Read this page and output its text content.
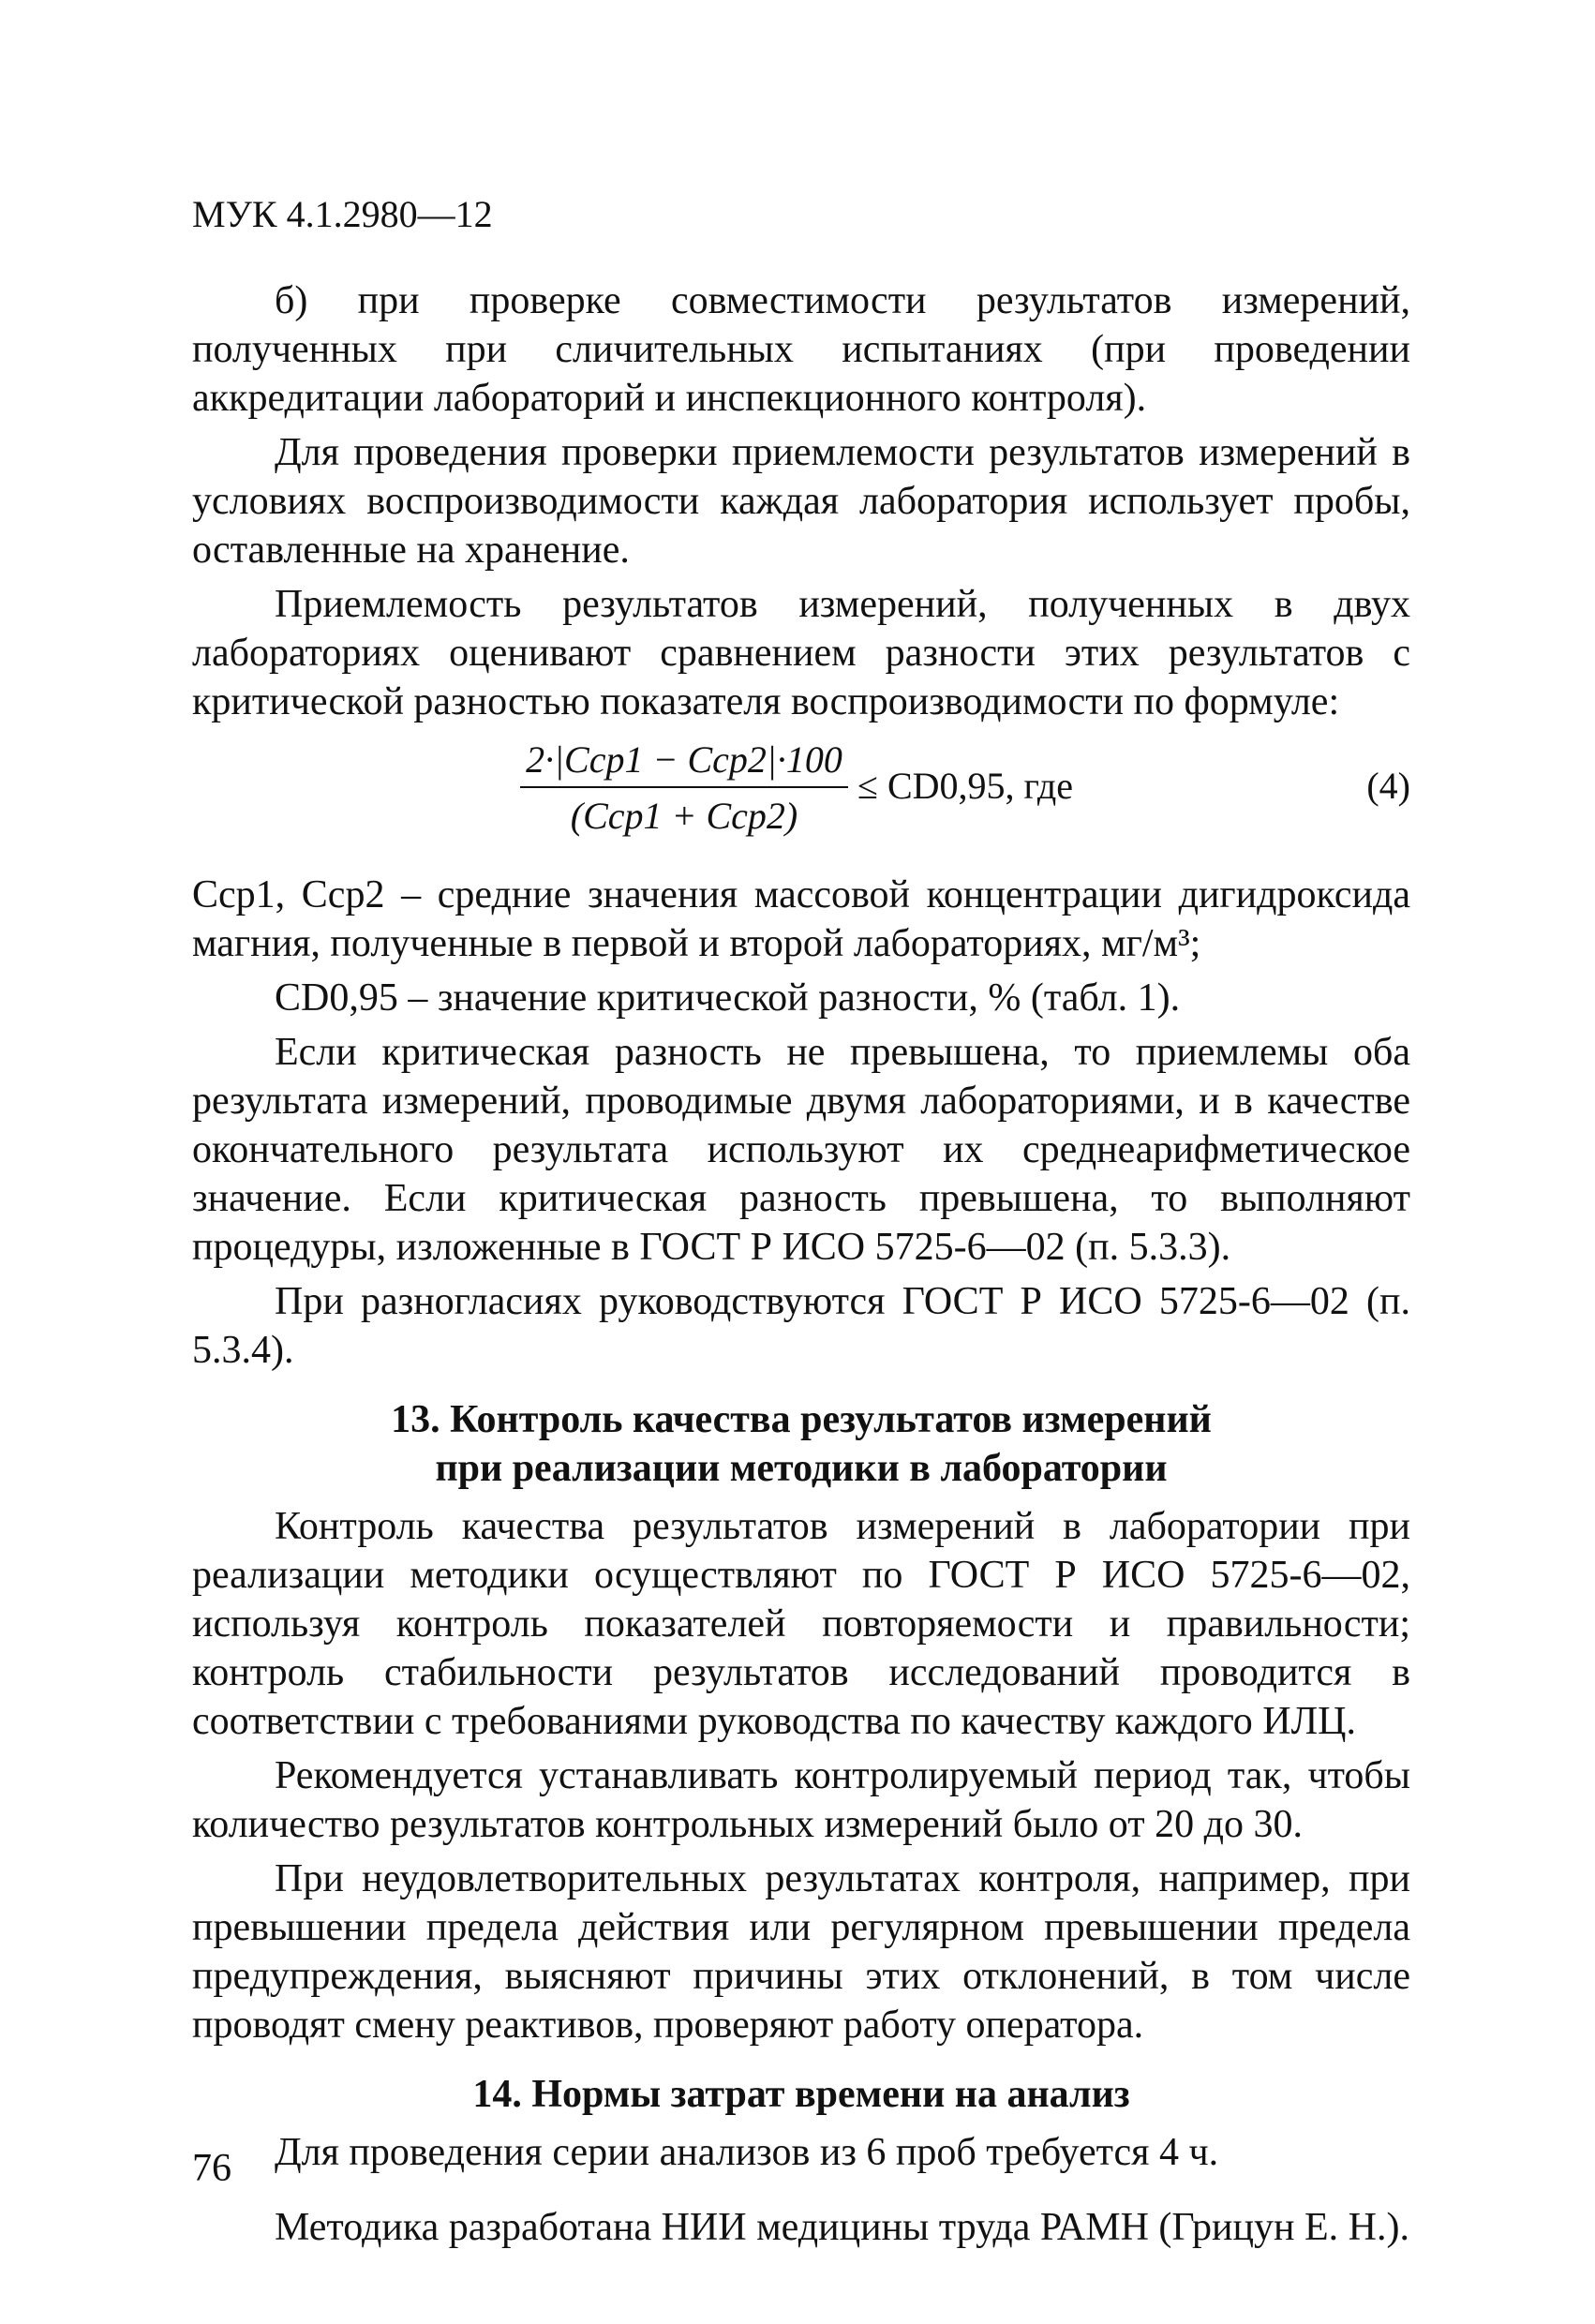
МУК 4.1.2980—12

б) при проверке совместимости результатов измерений, полученных при сличительных испытаниях (при проведении аккредитации лабораторий и инспекционного контроля).

Для проведения проверки приемлемости результатов измерений в условиях воспроизводимости каждая лаборатория использует пробы, оставленные на хранение.

Приемлемость результатов измерений, полученных в двух лабораториях оценивают сравнением разности этих результатов с критической разностью показателя воспроизводимости по формуле:

2·|Cср1 − Cср2|·100
(Cср1 + Cср2)
≤ CD0,95, где	(4)

Cср1, Cср2 – средние значения массовой концентрации дигидроксида магния, полученные в первой и второй лабораториях, мг/м³;

CD0,95 – значение критической разности, % (табл. 1).

Если критическая разность не превышена, то приемлемы оба результата измерений, проводимые двумя лабораториями, и в качестве окончательного результата используют их среднеарифметическое значение. Если критическая разность превышена, то выполняют процедуры, изложенные в ГОСТ Р ИСО 5725-6—02 (п. 5.3.3).

При разногласиях руководствуются ГОСТ Р ИСО 5725-6—02 (п. 5.3.4).

13. Контроль качества результатов измерений
при реализации методики в лаборатории

Контроль качества результатов измерений в лаборатории при реализации методики осуществляют по ГОСТ Р ИСО 5725-6—02, используя контроль показателей повторяемости и правильности; контроль стабильности результатов исследований проводится в соответствии с требованиями руководства по качеству каждого ИЛЦ.

Рекомендуется устанавливать контролируемый период так, чтобы количество результатов контрольных измерений было от 20 до 30.

При неудовлетворительных результатах контроля, например, при превышении предела действия или регулярном превышении предела предупреждения, выясняют причины этих отклонений, в том числе проводят смену реактивов, проверяют работу оператора.

14. Нормы затрат времени на анализ

Для проведения серии анализов из 6 проб требуется 4 ч.

Методика разработана НИИ медицины труда РАМН (Грицун Е. Н.).

76
